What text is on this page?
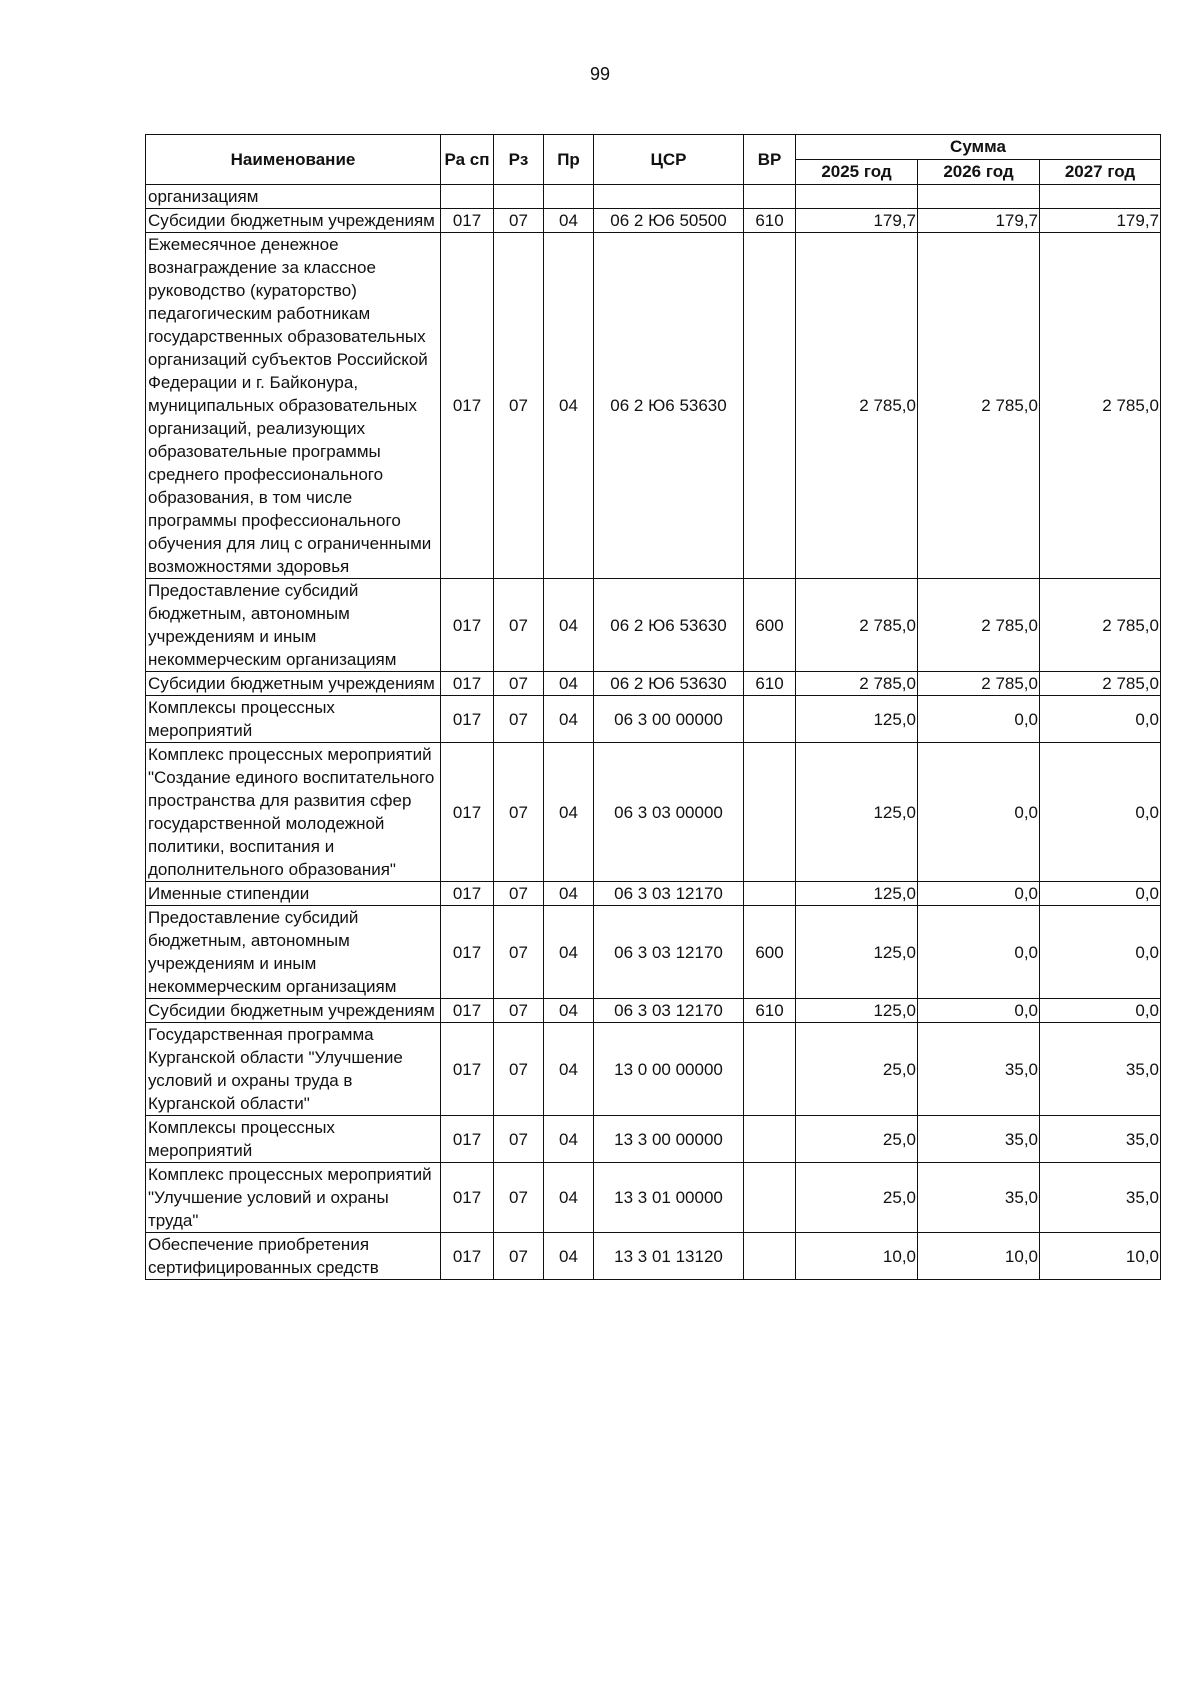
99
Наименование	Ра сп	Рз	Пр	ЦСР	ВР	Сумма		
						2025 год	2026 год	2027 год
организациям								
Субсидии бюджетным учреждениям	017	07	04	06 2 Ю6 50500	610	179,7	179,7	179,7
Ежемесячное денежное вознаграждение за классное руководство (кураторство) педагогическим работникам государственных образовательных организаций субъектов Российской Федерации и г. Байконура, муниципальных образовательных организаций, реализующих образовательные программы среднего профессионального образования, в том числе программы профессионального обучения для лиц с ограниченными возможностями здоровья	017	07	04	06 2 Ю6 53630		2 785,0	2 785,0	2 785,0
Предоставление субсидий бюджетным, автономным учреждениям и иным некоммерческим организациям	017	07	04	06 2 Ю6 53630	600	2 785,0	2 785,0	2 785,0
Субсидии бюджетным учреждениям	017	07	04	06 2 Ю6 53630	610	2 785,0	2 785,0	2 785,0
Комплексы процессных мероприятий	017	07	04	06 3 00 00000		125,0	0,0	0,0
Комплекс процессных мероприятий "Создание единого воспитательного пространства для развития сфер государственной молодежной политики, воспитания и дополнительного образования"	017	07	04	06 3 03 00000		125,0	0,0	0,0
Именные стипендии	017	07	04	06 3 03 12170		125,0	0,0	0,0
Предоставление субсидий бюджетным, автономным учреждениям и иным некоммерческим организациям	017	07	04	06 3 03 12170	600	125,0	0,0	0,0
Субсидии бюджетным учреждениям	017	07	04	06 3 03 12170	610	125,0	0,0	0,0
Государственная программа Курганской области "Улучшение условий и охраны труда в Курганской области"	017	07	04	13 0 00 00000		25,0	35,0	35,0
Комплексы процессных мероприятий	017	07	04	13 3 00 00000		25,0	35,0	35,0
Комплекс процессных мероприятий "Улучшение условий и охраны труда"	017	07	04	13 3 01 00000		25,0	35,0	35,0
Обеспечение приобретения сертифицированных средств	017	07	04	13 3 01 13120		10,0	10,0	10,0
